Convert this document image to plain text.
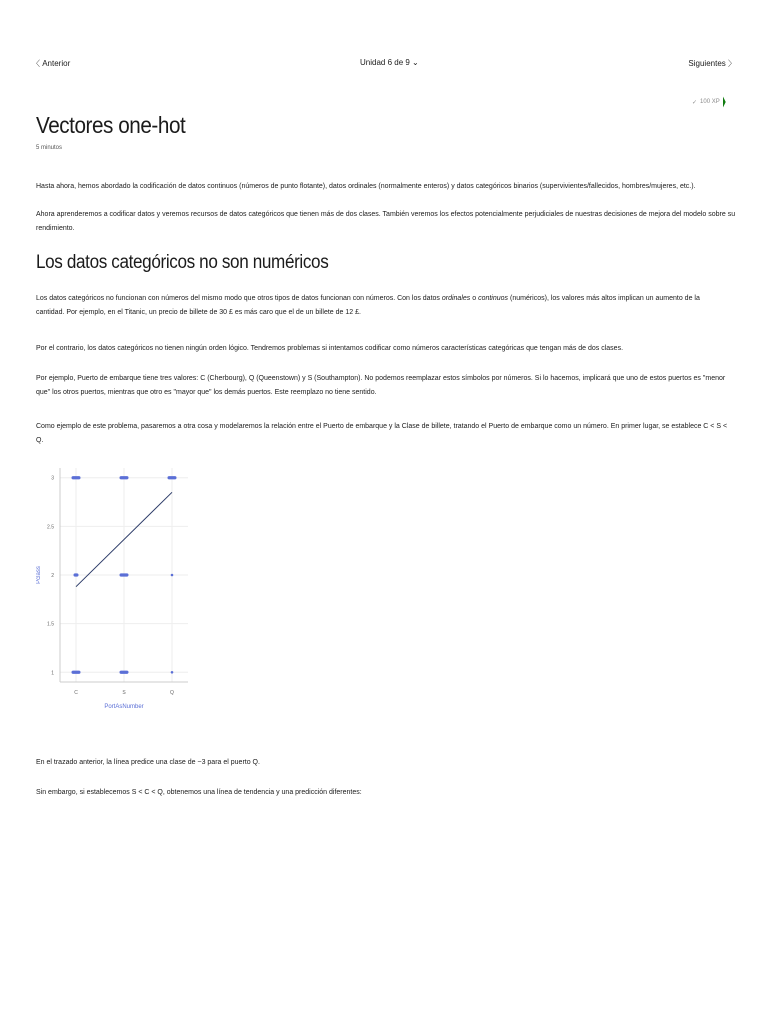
〈 Anterior	Unidad 6 de 9 ⌄	Siguientes 〉
✓ 100 XP
Vectores one-hot
5 minutos

Hasta ahora, hemos abordado la codificación de datos continuos (números de punto flotante), datos ordinales (normalmente enteros) y datos categóricos binarios (supervivientes/fallecidos, hombres/mujeres, etc.).

Ahora aprenderemos a codificar datos y veremos recursos de datos categóricos que tienen más de dos clases. También veremos los efectos potencialmente perjudiciales de nuestras decisiones de mejora del modelo sobre su rendimiento.

Los datos categóricos no son numéricos

Los datos categóricos no funcionan con números del mismo modo que otros tipos de datos funcionan con números. Con los datos ordinales o continuos (numéricos), los valores más altos implican un aumento de la cantidad. Por ejemplo, en el Titanic, un precio de billete de 30 £ es más caro que el de un billete de 12 £.

Por el contrario, los datos categóricos no tienen ningún orden lógico. Tendremos problemas si intentamos codificar como números características categóricas que tengan más de dos clases.

Por ejemplo, Puerto de embarque tiene tres valores: C (Cherbourg), Q (Queenstown) y S (Southampton). No podemos reemplazar estos símbolos por números. Si lo hacemos, implicará que uno de estos puertos es "menor que" los otros puertos, mientras que otro es "mayor que" los demás puertos. Este reemplazo no tiene sentido.

Como ejemplo de este problema, pasaremos a otra cosa y modelaremos la relación entre el Puerto de embarque y la Clase de billete, tratando el Puerto de embarque como un número. En primer lugar, se establece C < S < Q.

1
1.5
2
2.5
3
C	S	Q
PortAsNumber
Pclass

En el trazado anterior, la línea predice una clase de ~3 para el puerto Q.

Sin embargo, si establecemos S < C < Q, obtenemos una línea de tendencia y una predicción diferentes:
